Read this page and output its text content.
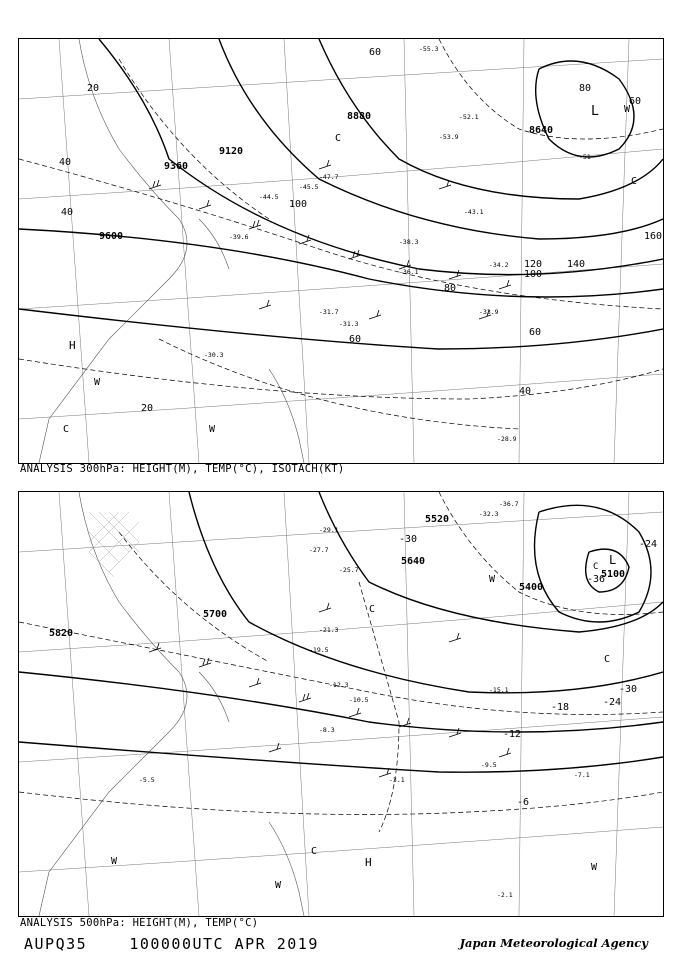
8880
9120
9360
9600
8640
20
40
40
60
80
100
120 140
160
100
80
60
60
40
20
60
-55.3
-51
-53.9
-52.1
-47.7
-45.5
-44.5
-43.1
-39.6
-38.3
-36.1
-34.2
-33.9
-31.7
-31.3
-30.3
-28.9
L
H
C
W
C	W
W
C
ANALYSIS 300hPa: HEIGHT(M), TEMP(°C), ISOTACH(KT)
5100
5400
5700
5820
5520
5640
-36
-30
-24
-18
-12
-6
-24
-30
-36.7
-32.3
-29.1
-27.7
-25.7
-21.3
-19.5
-15.1
-12.3
-10.5
-9.5
-8.3
-7.1
-5.5	-3.1
-2.1
L
C
C
C
H
C
W
W
W
W
ANALYSIS 500hPa: HEIGHT(M), TEMP(°C)
AUPQ35	100000UTC APR 2019	Japan Meteorological Agency
